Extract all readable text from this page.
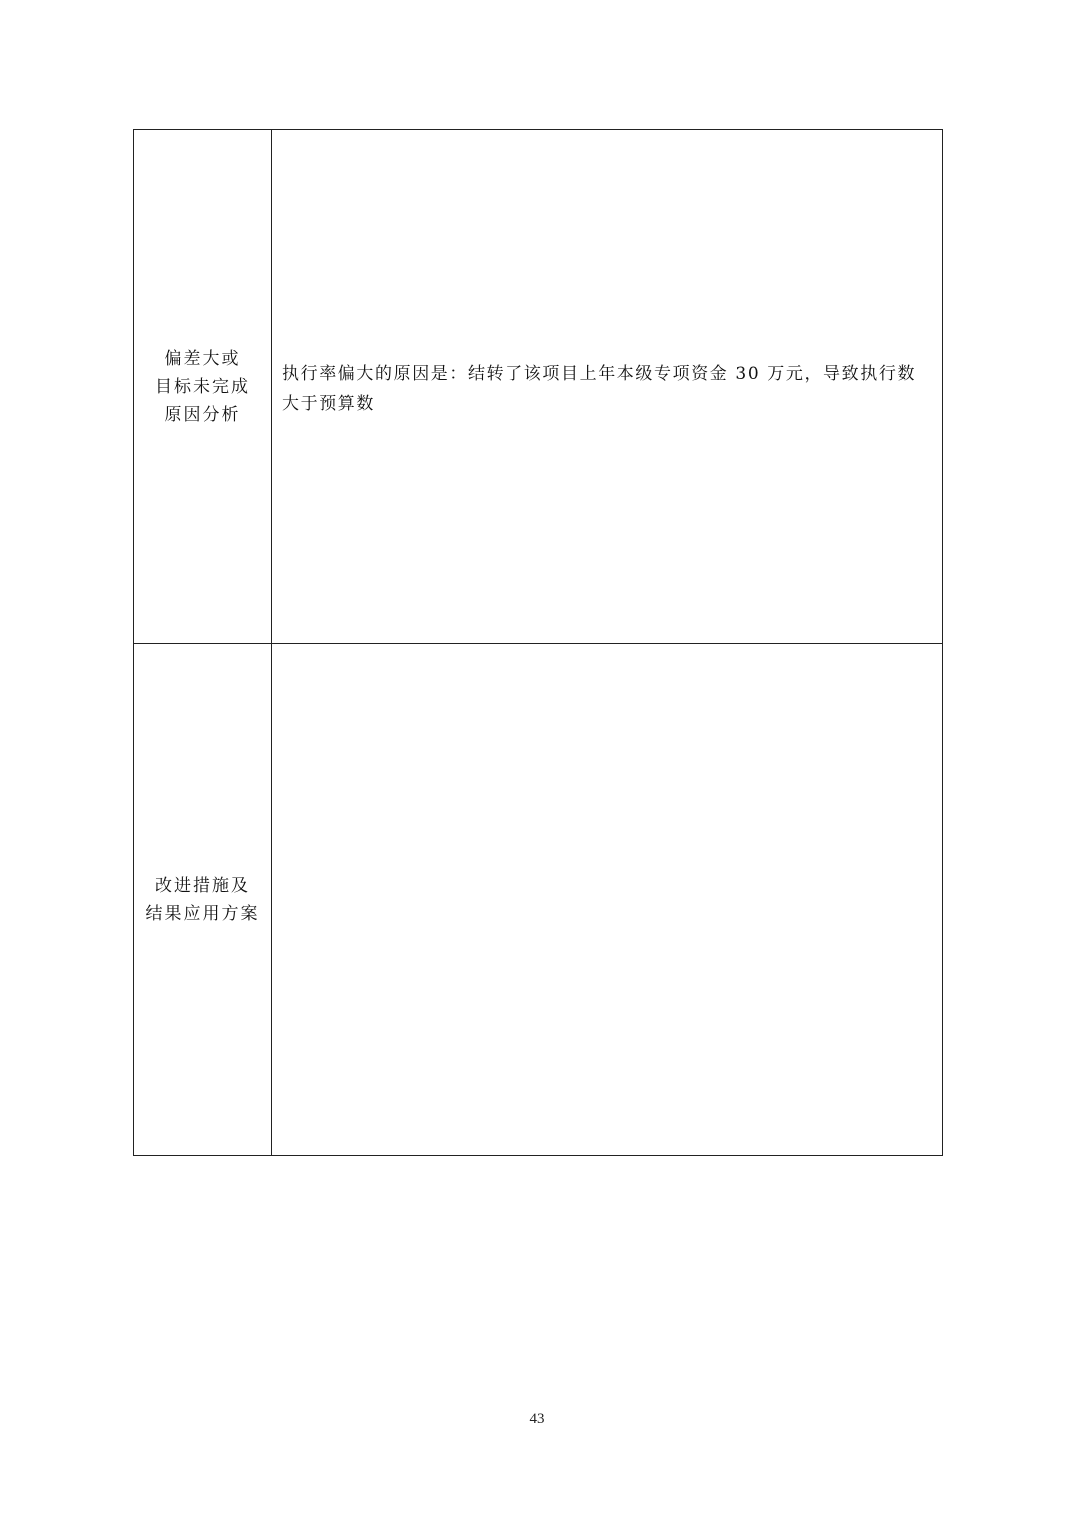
偏差大或
目标未完成
原因分析	执行率偏大的原因是：结转了该项目上年本级专项资金 30 万元，导致执行数大于预算数

改进措施及
结果应用方案	

43
